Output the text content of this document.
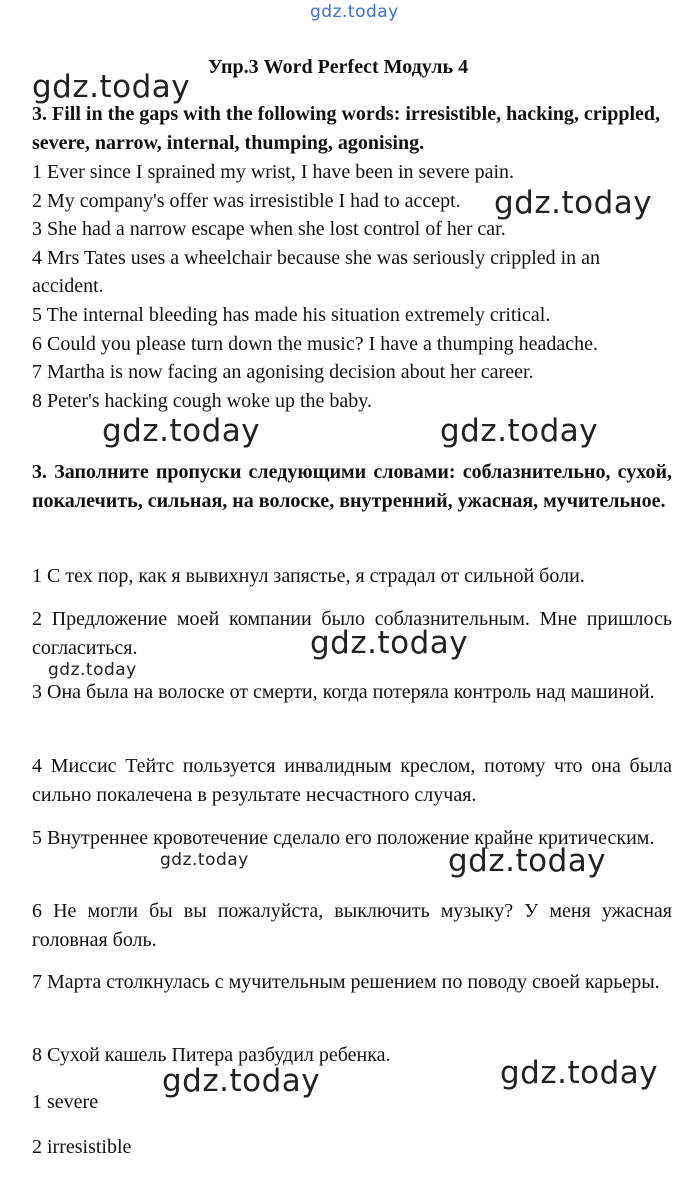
gdz.today
gdz.today
gdz.today
gdz.today	gdz.today
gdz.today
gdz.today
gdz.today	gdz.today
gdz.today	gdz.today
Упр.3 Word Perfect Модуль 4
3. Fill in the gaps with the following words: irresistible, hacking, crippled, severe, narrow, internal, thumping, agonising.
1 Ever since I sprained my wrist, I have been in severe pain.
2 My company's offer was irresistible I had to accept.
3 She had a narrow escape when she lost control of her car.
4 Mrs Tates uses a wheelchair because she was seriously crippled in an accident.
5 The internal bleeding has made his situation extremely critical.
6 Could you please turn down the music? I have a thumping headache.
7 Martha is now facing an agonising decision about her career.
8 Peter's hacking cough woke up the baby.
3. Заполните пропуски следующими словами: соблазнительно, сухой, покалечить, сильная, на волоске, внутренний, ужасная, мучительное.
1 С тех пор, как я вывихнул запястье, я страдал от сильной боли.
2 Предложение моей компании было соблазнительным. Мне пришлось согласиться.
3 Она была на волоске от смерти, когда потеряла контроль над машиной.
4 Миссис Тейтс пользуется инвалидным креслом, потому что она была сильно покалечена в результате несчастного случая.
5 Внутреннее кровотечение сделало его положение крайне критическим.
6 Не могли бы вы пожалуйста, выключить музыку? У меня ужасная головная боль.
7 Марта столкнулась с мучительным решением по поводу своей карьеры.
8 Сухой кашель Питера разбудил ребенка.
1 severe
2 irresistible
